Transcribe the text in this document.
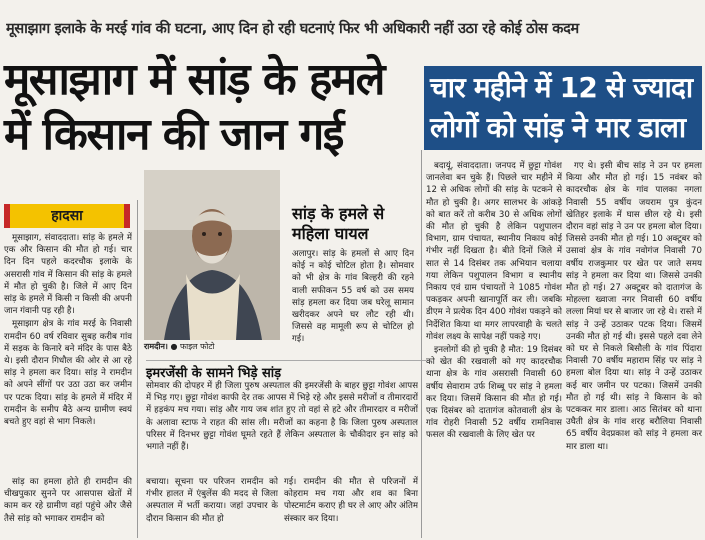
मूसाझाग इलाके के मरई गांव की घटना, आए दिन हो रही घटनाएं फिर भी अधिकारी नहीं उठा रहे कोई ठोस कदम
मूसाझाग में सांड़ के हमले में किसान की जान गई
चार महीने में 12 से ज्यादा लोगों को सांड़ ने मार डाला
हादसा

मूसाझाग, संवाददाता। सांड़ के हमले में एक और किसान की मौत हो गई। चार दिन दिन पहले कदरचौक इलाके के असरासी गांव में किसान की सांड़ के हमले में मौत हो चुकी है। जिले में आए दिन सांड़ के हमले में किसी न किसी की अपनी जान गंवानी पड़ रही है।

मूसाझाग क्षेत्र के गांव मरई के निवासी रामदीन 60 वर्ष रविवार सुबह करीब गांव में सड़क के किनारे बने मंदिर के पास बैठे थे। इसी दौरान गिधौल की ओर से आ रहे सांड़ ने हमला कर दिया। सांड़ ने रामदीन को अपने सींगों पर उठा उठा कर जमीन पर पटक दिया। सांड़ के हमले में मंदिर में रामदीन के समीप बैठे अन्य ग्रामीण स्वयं बचते हुए वहां से भाग निकले।

सांड़ का हमला होते ही रामदीन की चीखपुकार सुनने पर आसपास खेतों में काम कर रहे ग्रामीण वहां पहुंचे और जैसे तैसे सांड़ को भगाकर रामदीन को

रामदीन। ● फाइल फोटो
सांड़ के हमले से महिला घायल
अलापुर। सांड़ के हमलों से आए दिन कोई न कोई चोटिल होता है। सोमवार को भी क्षेत्र के गांव बिल्हरी की रहने वाली सफीकन 55 वर्ष को उस समय सांड़ हमला कर दिया जब घरेलू सामान खरीदकर अपने घर लौट रही थी। जिससे वह मामूली रूप से चोटिल हो गई।
इमरजेंसी के सामने भिड़े सांड़
सोमवार की दोपहर में ही जिला पुरुष अस्पताल की इमरजेंसी के बाहर छुट्टा गोवंश आपस में भिड़ गए। छुट्टा गोवंश काफी देर तक आपस में भिड़े रहे और इससे मरीजों व तीमारदारों में हड़कंप मच गया। सांड़ और गाय जब शांत हुए तो वहां से हटे और तीमारदार व मरीजों के अलावा स्टाफ ने राहत की सांस ली। मरीजों का कहना है कि जिला पुरुष अस्पताल परिसर में दिनभर छुट्टा गोवंश घूमते रहते हैं लेकिन अस्पताल के चौकीदार इन सांड़ को भगाते नहीं हैं।
बचाया। सूचना पर परिजन रामदीन को गंभीर हालत में एंबुलेंस की मदद से जिला अस्पताल में भर्ती कराया। जहां उपचार के दौरान किसान की मौत हो
गई। रामदीन की मौत से परिजनों में कोहराम मच गया और शव का बिना पोस्टमार्टम कराए ही घर ले आए और अंतिम संस्कार कर दिया।

बदायूं, संवाददाता। जनपद में छुट्टा गोवंश जानलेवा बन चुके हैं। पिछले चार महीने में 12 से अधिक लोगों की सांड़ के पटकने से मौत हो चुकी है। अगर सालभर के आंकड़े को बात करें तो करीब 30 से अधिक लोगों की मौत हो चुकी है लेकिन पशुपालन विभाग, ग्राम पंचायत, स्थानीय निकाय कोई गंभीर नहीं दिखता है। बीते दिनों जिले में सात से 14 दिसंबर तक अभियान चलाया गया लेकिन पशुपालन विभाग व स्थानीय निकाय एवं ग्राम पंचायतों ने 1085 गोवंश पकड़कर अपनी खानापूर्ति कर ली। जबकि डीएम ने प्रत्येक दिन 400 गोवंश पकड़ने को निर्देशित किया था मगर लापरवाही के चलते गोवंश लक्ष्य के सापेक्ष नहीं पकड़े गए।

इनलोगों की हो चुकी है मौत: 19 दिसंबर को खेत की रखवाली को गए कादरचौक थाना क्षेत्र के गांव असरासी निवासी 60 वर्षीय सेवाराम उर्फ शिब्बू पर सांड़ ने हमला कर दिया। जिसमें किसान की मौत हो गई। एक दिसंबर को दातागंज कोतवाली क्षेत्र के गांव रोहरी निवासी 52 वर्षीय रामनिवास फसल की रखवाली के लिए खेत पर

गए थे। इसी बीच सांड़ ने उन पर हमला किया और मौत हो गई। 15 नवंबर को कादरचौक क्षेत्र के गांव पालका नगला निवासी 55 वर्षीय जयराम पुत्र कुंदन खेतिहर इलाके में घास छील रहे थे। इसी दौरान वहां सांड़ ने उन पर हमला बोल दिया। जिससे उनकी मौत हो गई। 10 अक्टूबर को उसावां क्षेत्र के गांव नवोगंज निवासी 70 वर्षीय राजकुमार पर खेत पर जाते समय सांड़ ने हमला कर दिया था। जिससे उनकी मौत हो गई। 27 अक्टूबर को दातागंज के मोहल्ला ख्वाजा नगर निवासी 60 वर्षीय लल्ला मियां घर से बाजार जा रहे थे। रास्ते में सांड़ ने उन्हें उठाकर पटक दिया। जिसमें उनकी मौत हो गई थी। इससे पहले दवा लेने को घर से निकले बिसौली के गांव पिंदारा निवासी 70 वर्षीय महाराम सिंह पर सांड़ ने हमला बोल दिया था। सांड़ ने उन्हें उठाकर कई बार जमीन पर पटका। जिसमें उनकी मौत हो गई थी। सांड़ ने किसान के को पटककर मार डाला। आठ सितंबर को थाना उघैती क्षेत्र के गांव शरह बरौलिया निवासी 65 वर्षीय वेदप्रकाश को सांड़ ने हमला कर मार डाला था।
